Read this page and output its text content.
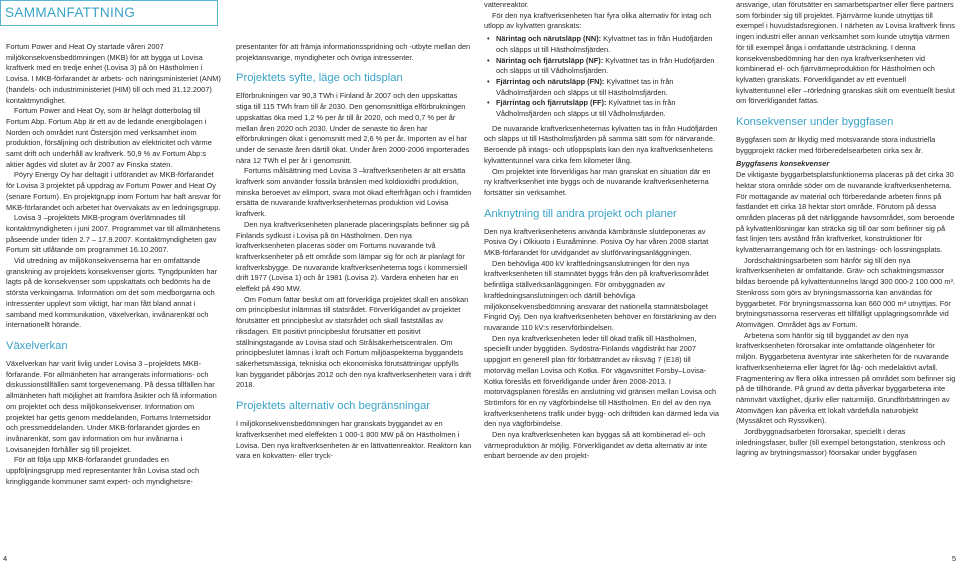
SAMMANFATTNING

Fortum Power and Heat Oy startade våren 2007 miljökonsekvensbedömningen (MKB) för att bygga ut Lovisa kraftverk med en tredje enhet (Lovisa 3) på ön Hästholmen i Lovisa. I MKB-förfarandet är arbets- och näringsministeriet (ANM) (handels- och industriministeriet (HIM) till och med 31.12.2007) kontaktmyndighet.

Fortum Power and Heat Oy, som är helägt dotterbolag till Fortum Abp. Fortum Abp är ett av de ledande energibolagen i Norden och området runt Östersjön med verksamhet inom produktion, försäljning och distribution av elektricitet och värme samt drift och underhåll av kraftverk. 50,9 % av Fortum Abp:s aktier ägdes vid slutet av år 2007 av Finska staten.

Pöyry Energy Oy har deltagit i utförandet av MKB-förfarandet för Lovisa 3 projektet på uppdrag av Fortum Power and Heat Oy (senare Fortum). En projektgrupp inom Fortum har haft ansvar för MKB-förfarandet och arbetet har övervakats av en ledningsgrupp.

Lovisa 3 –projektets MKB-program överlämnades till kontaktmyndigheten i juni 2007. Programmet var till allmänhetens påseende under tiden 2.7 – 17.9.2007. Kontaktmyndigheten gav Fortum sitt utlåtande om programmet 16.10.2007.

Vid utredning av miljökonsekvenserna har en omfattande granskning av projektets konsekvenser gjorts. Tyngdpunkten har lagts på de konsekvenser som uppskattats och bedömts ha de största verkningarna. Information om det som medborgarna och intressenter upplevt som viktigt, har man fått bland annat i samband med kommunikation, växelverkan, invånarenkät och internationellt hörande.

Växelverkan

Växelverkan har varit livlig under Lovisa 3 –projektets MKB-förfarande. För allmänheten har arrangerats informations- och diskussionstillfällen samt torgevenemang. På dessa tillfällen har allmänheten haft möjlighet att framföra åsikter och få information om projektet och dess miljökonsekvenser. Information om projektet har getts genom meddelanden, Fortums Internetsidor och pressmeddelanden. Under MKB-förfarandet gjordes en invånarenkät, som gav information om hur invånarna i Lovisanejden förhåller sig till projektet.

För att följa upp MKB-förfarandet grundades en uppföljningsgrupp med representanter från Lovisa stad och kringliggande kommuner samt expert- och myndighetsre-

presentanter för att främja informationsspridning och -utbyte mellan den projektansvarige, myndigheter och övriga intressenter.

Projektets syfte, läge och tidsplan

Elförbrukningen var 90,3 TWh i Finland år 2007 och den uppskattas stiga till 115 TWh fram till år 2030. Den genomsnittliga elförbrukningen uppskattas öka med 1,2 % per år till år 2020, och med 0,7 % per år mellan åren 2020 och 2030. Under de senaste tio åren har elförbrukningen ökat i genomsnitt med 2,6 % per år. Importen av el har under de senaste åren därtill ökat. Under åren 2000-2006 importerades nära 12 TWh el per år i genomsnitt.

Fortums målsättning med Lovisa 3 –kraftverksenheten är att ersätta kraftverk som använder fossila bränslen med koldioxidfri produktion, minska beroevet av elimport, svara mot ökad efterfrågan och i framtiden ersätta de nuvarande kraftverksenheternas produktion vid Lovisa kraftverk.

Den nya kraftverksenheten planerade placeringsplats befinner sig på Finlands sydkust i Lovisa på ön Hästholmen. Den nya kraftverksenheten placeras söder om Fortums nuvarande två kraftverksenheter på ett område som lämpar sig för och är planlagt för kraftverksbygge. De nuvarande kraftverksenheterna togs i kommersiell drift 1977 (Lovisa 1) och år 1981 (Lovisa 2). Vardera enheten har en eleffekt på 490 MW.

Om Fortum fattar beslut om att förverkliga projektet skall en ansökan om principbeslut inlämnas till statsrådet. Förverkligandet av projektet förutsätter ett principbeslut av statsrådet och skall fastställas av riksdagen. Ett positivt principbeslut förutsätter ett positivt ställningstagande av Lovisa stad och Strålsäkerhetscentralen. Om principbeslutet lämnas i kraft och Fortum miljöaspekterna byggandets säkerhetsmässiga, tekniska och ekonomiska förutsättningar uppfylls kan byggandet påbörjas 2012 och den nya kraftverksenheten vara i drift 2018.

Projektets alternativ och begränsningar

I miljökonsekvensbedömningen har granskats byggandet av en kraftverksenhet med eleffekten 1 000-1 800 MW på ön Hästholmen i Lovisa. Den nya kraftverksenheten är en lättvattenreaktor. Reaktorn kan vara en kokvatten- eller tryck-

vattenreaktor.

För den nya kraftverksenheten har fyra olika alternativ för intag och utlopp av kylvatten granskats:

• Närintag och närutsläpp (NN): Kylvattnet tas in från Hudöfjärden och släpps ut till Hästholmsfjärden.
• Närintag och fjärrutsläpp (NF): Kylvattnet tas in från Hudöfjärden och släpps ut till Vådholmsfjärden.
• Fjärrintag och närutsläpp (FN): Kylvattnet tas in från Vådholmsfjärden och släpps ut till Hästholmsfjärden.
• Fjärrintag och fjärrutsläpp (FF): Kylvattnet tas in från Vådholmsfjärden och släpps ut till Vådholmsfjärden.

De nuvarande kraftverksenheternas kylvatten tas in från Hudöfjärden och släpps ut till Hästholmsfjärden på samma sätt som för närvarande. Beroende på intags- och utloppsplats kan den nya kraftverksenhetens kylvattentunnel vara cirka fem kilometer lång.

Om projektet inte förverkligas har man granskat en situation där en ny kraftverksenhet inte byggs och de nuvarande kraftverksenheterna fortsätter sin verksamhet.

Anknytning till andra projekt och planer

Den nya kraftverksenhetens använda kärnbränsle slutdeponeras av Posiva Oy i Olkiuoto i Euraåminne. Posiva Oy har våren 2008 startat MKB-förfarandet för utvidgandet av slutförvaringsanläggningen.

Den behövliga 400 kV kraftledningsanslutningen för den nya kraftverksenheten till stamnätet byggs från den på kraftverksområdet befintliga ställverksanläggningen. För ombyggnaden av kraftledningsanslutningen och därtill behövliga miljökonsekvensbedömning ansvarar det nationella stamnätsbolaget Fingrid Oyj. Den nya kraftverksenheten behöver en förstärkning av den nuvarande 110 kV:s reservförbindelsen.

Den nya kraftverksenheten leder till ökad trafik till Hästholmen, speciellt under byggtiden. Sydöstra-Finlands vägdistrikt har 2007 uppgjort en generell plan för förbättrandet av riksväg 7 (E18) till motorväg mellan Lovisa och Kotka. För vägavsnittet Forsby–Lovisa-Kotka föreslås ett förverkligande under åren 2008-2013. I motorvägsplanen föreslås en anslutning vid gränsen mellan Lovisa och Strömfors för en ny vägförbindelse till Hästholmen. En del av den nya kraftverksenhetens trafik under bygg- och drifttiden kan därmed leda via den nya vägförbindelse.

Den nya kraftverksenheten kan byggas så att kombinerad el- och värmeproduktion är möjlig. Förverkligandet av detta alternativ är inte enbart beroende av den projekt-

ansvarige, utan förutsätter en samarbetspartner eller flere partners som förbinder sig till projektet. Fjärrvärme kunde utnyttjas till exempel i huvudstadsregionen. I närheten av Lovisa kraftverk finns ingen industri eller annan verksamhet som kunde utnyttja värmen för till exempel ånga i omfattande utsträckning. I denna konsekvensbedömning har den nya kraftverksenheten vid kombinerad el- och fjärrvärmeproduktion för Hästholmen och kylvatten granskats. Förverkligandet av ett eventuell kylvattentunnel eller –rörledning granskas skilt om eventuellt beslut om förverkligandet fattas.

Konsekvenser under byggfasen

Byggfasen som är likydig med motsvarande stora industriella byggprojekt räcker med förberedelsearbeten cirka sex år.

Byggfasens konsekvenser

De viktigaste byggarbetsplatsfunktionerna placeras på det cirka 30 hektar stora område söder om de nuvarande kraftverksenheterna. För mottagande av material och förberedande arbeten finns på fastlandet ett cirka 18 hektar stort område. Förutom på dessa områden placeras på det närliggande havsområdet, som beroende på kylvattenlösningar kan sträcka sig till öar som befinner sig på fast linjen ters avstånd från kraftverket, konstruktioner för kylvattenarrangemang och för en lastnings- och lossningsplats.

Jordschaktningsarbeten som hänför sig till den nya kraftverksenheten är omfattande. Gräv- och schaktningsmassor bildas beroende på kylvattentunnelns längd 300 000-2 100 000 m³. Stenkross som görs av bryningsmassorna kan användas för byggarbetet. För bryningsmassorna kan 660 000 m³ utnyttjas. För brytningsmassorna reserveras ett tillfälligt upplagringsområde vid Atomvägen. Området ägs av Fortum.

Arbetena som hänför sig till byggandet av den nya kraftverksenheten förorsakar inte omfattande olägenheter för miljön. Byggarbetena äventyrar inte säkerheten för de nuvarande kraftverksenheterna eller lägret för låg- och medelaktivt avfall. Fragmentering av flera olika intressen på området som befinner sig på de tillhörande. På grund av detta påverkar byggarbetena inte nämnvärt växtlighet, djurliv eller naturmiljö. Grundförbättringen av Atomvägen kan påverka ett lokalt värdefulla naturobjekt (Myssäkret och Ryssviken).

Jordbyggnadsarbeten förorsakar, speciellt i deras inledningsfaser, buller (till exempel betongstation, stenkross och lagring av brytningsmassor) föorsakar under byggfasen

4	5
